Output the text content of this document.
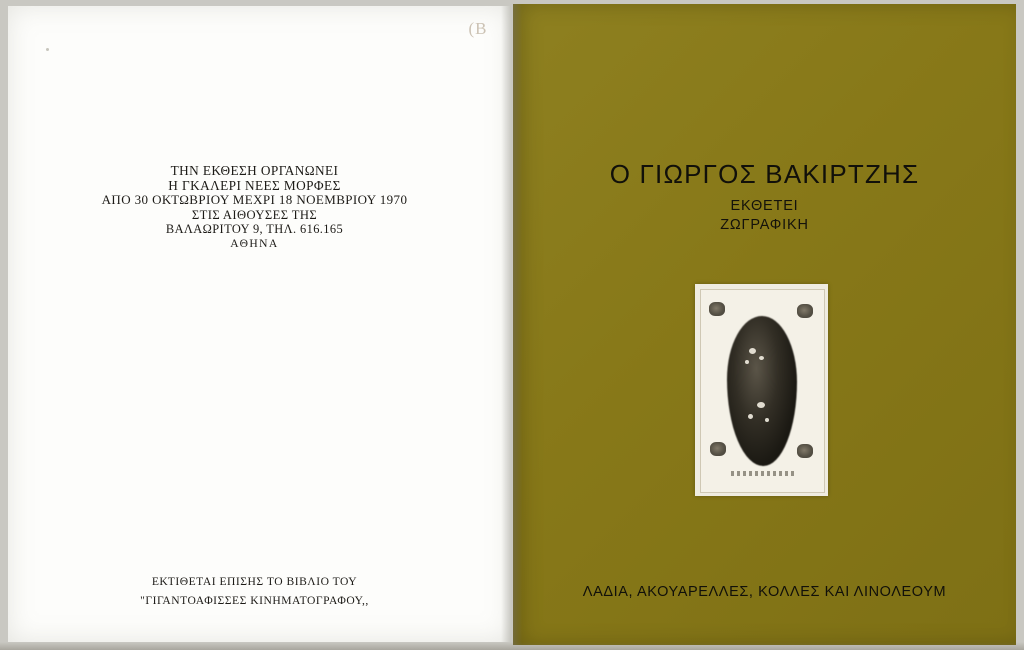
(B
ΤΗΝ ΕΚΘΕΣΗ ΟΡΓΑΝΩΝΕΙ
Η ΓΚΑΛΕΡΙ ΝΕΕΣ ΜΟΡΦΕΣ
ΑΠΟ 30 ΟΚΤΩΒΡΙΟΥ ΜΕΧΡΙ 18 ΝΟΕΜΒΡΙΟΥ 1970
ΣΤΙΣ ΑΙΘΟΥΣΕΣ ΤΗΣ
ΒΑΛΑΩΡΙΤΟΥ 9, ΤΗΛ. 616.165
ΑΘΗΝΑ
ΕΚΤΙΘΕΤΑΙ ΕΠΙΣΗΣ ΤΟ ΒΙΒΛΙΟ ΤΟΥ
"ΓΙΓΑΝΤΟΑΦΙΣΣΕΣ ΚΙΝΗΜΑΤΟΓΡΑΦΟΥ,,
Ο ΓΙΩΡΓΟΣ ΒΑΚΙΡΤΖΗΣ
ΕΚΘΕΤΕΙ
ΖΩΓΡΑΦΙΚΗ
ΛΑΔΙΑ, ΑΚΟΥΑΡΕΛΛΕΣ, ΚΟΛΛΕΣ ΚΑΙ ΛΙΝΟΛΕΟΥΜ
